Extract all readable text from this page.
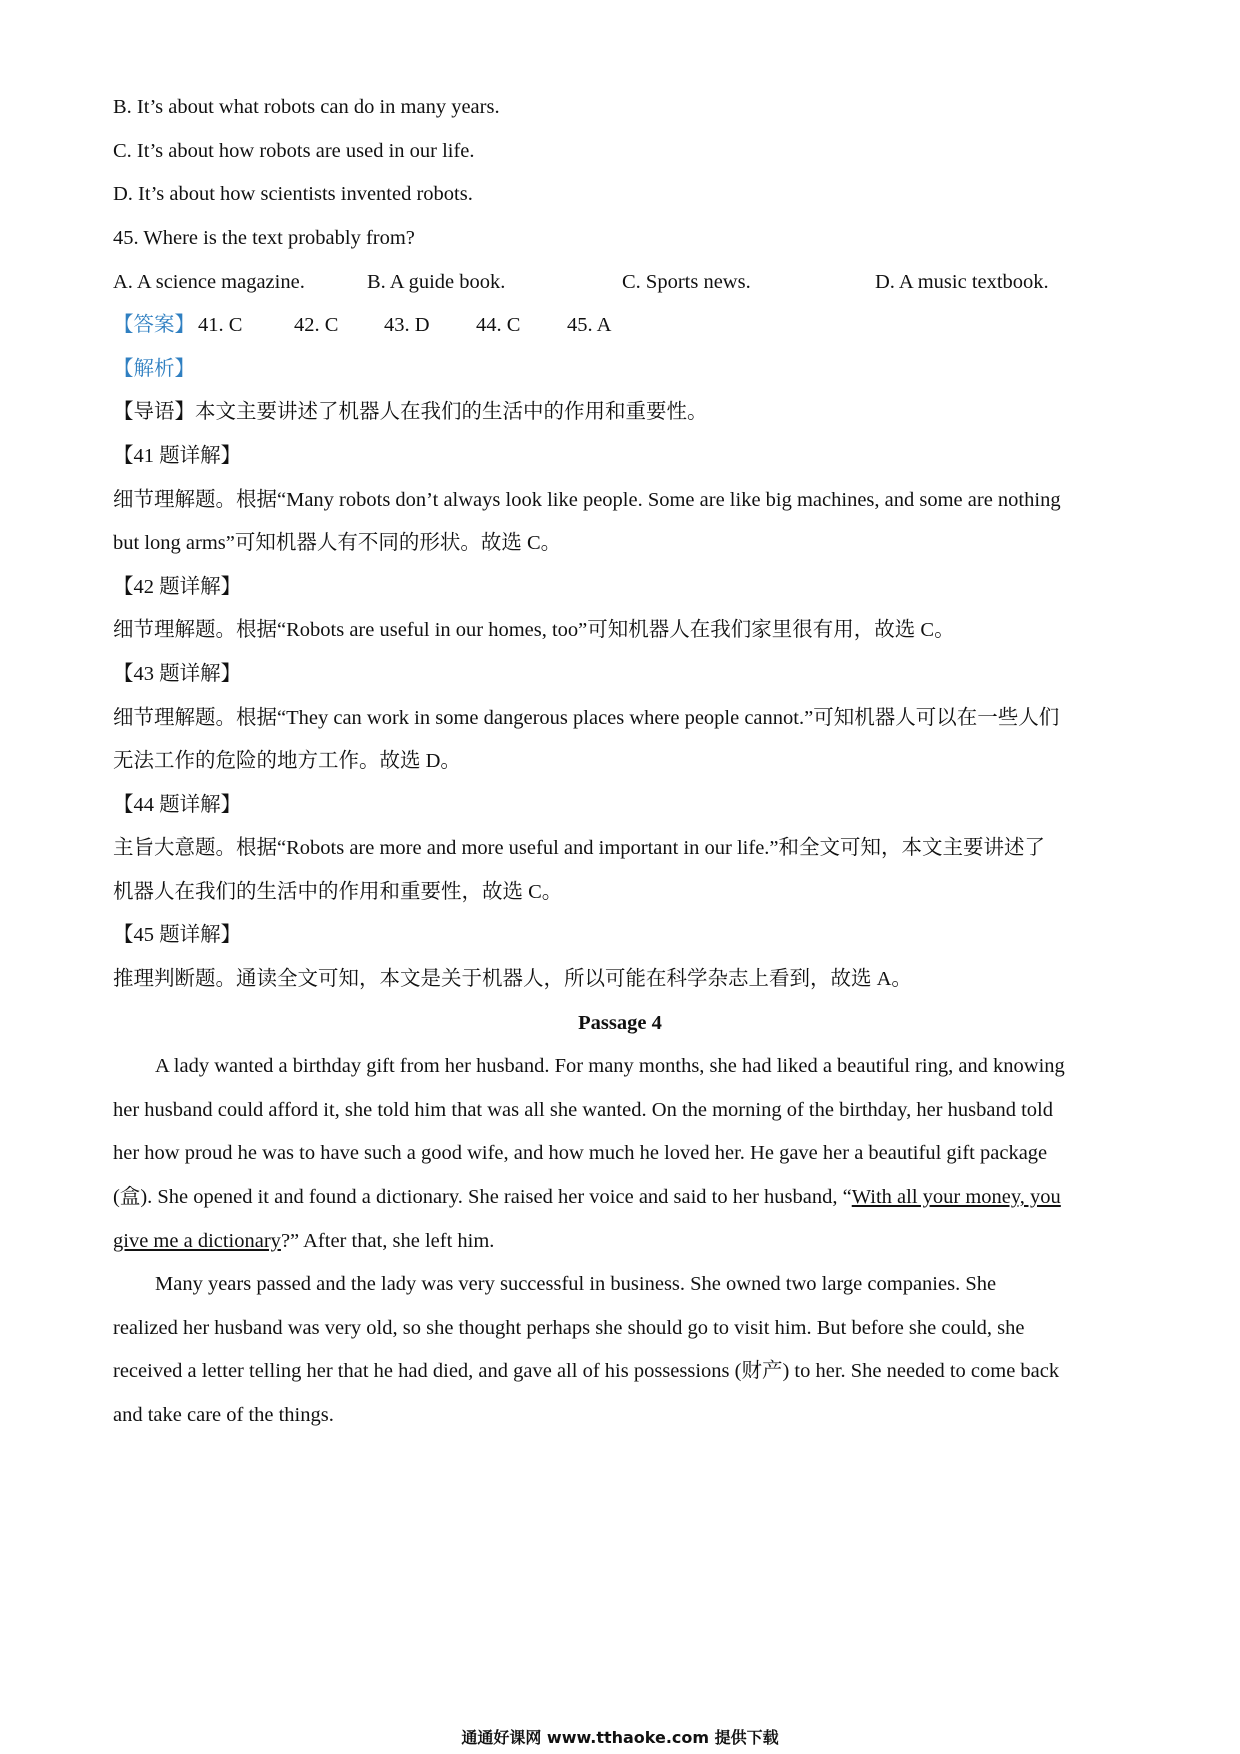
B. It’s about what robots can do in many years.
C. It’s about how robots are used in our life.
D. It’s about how scientists invented robots.
45. Where is the text probably from?
A. A science magazine.	B. A guide book.	C. Sports news.	D. A music textbook.
【答案】 41. C	42. C 43. D 44. C 45. A
【解析】
【导语】本文主要讲述了机器人在我们的生活中的作用和重要性。
【41 题详解】
细节理解题。根据“Many robots don’t always look like people. Some are like big machines, and some are nothing
but long arms”可知机器人有不同的形状。故选 C。
【42 题详解】
细节理解题。根据“Robots are useful in our homes, too”可知机器人在我们家里很有用，故选 C。
【43 题详解】
细节理解题。根据“They can work in some dangerous places where people cannot.”可知机器人可以在一些人们
无法工作的危险的地方工作。故选 D。
【44 题详解】
主旨大意题。根据“Robots are more and more useful and important in our life.”和全文可知，本文主要讲述了
机器人在我们的生活中的作用和重要性，故选 C。
【45 题详解】
推理判断题。通读全文可知，本文是关于机器人，所以可能在科学杂志上看到，故选 A。
Passage 4
A lady wanted a birthday gift from her husband. For many months, she had liked a beautiful ring, and knowing
her husband could afford it, she told him that was all she wanted. On the morning of the birthday, her husband told
her how proud he was to have such a good wife, and how much he loved her. He gave her a beautiful gift package
(盒). She opened it and found a dictionary. She raised her voice and said to her husband, “With all your money, you
give me a dictionary?” After that, she left him.
Many years passed and the lady was very successful in business. She owned two large companies. She
realized her husband was very old, so she thought perhaps she should go to visit him. But before she could, she
received a letter telling her that he had died, and gave all of his possessions (财产) to her. She needed to come back
and take care of the things.
通通好课网 www.tthaoke.com 提供下载
